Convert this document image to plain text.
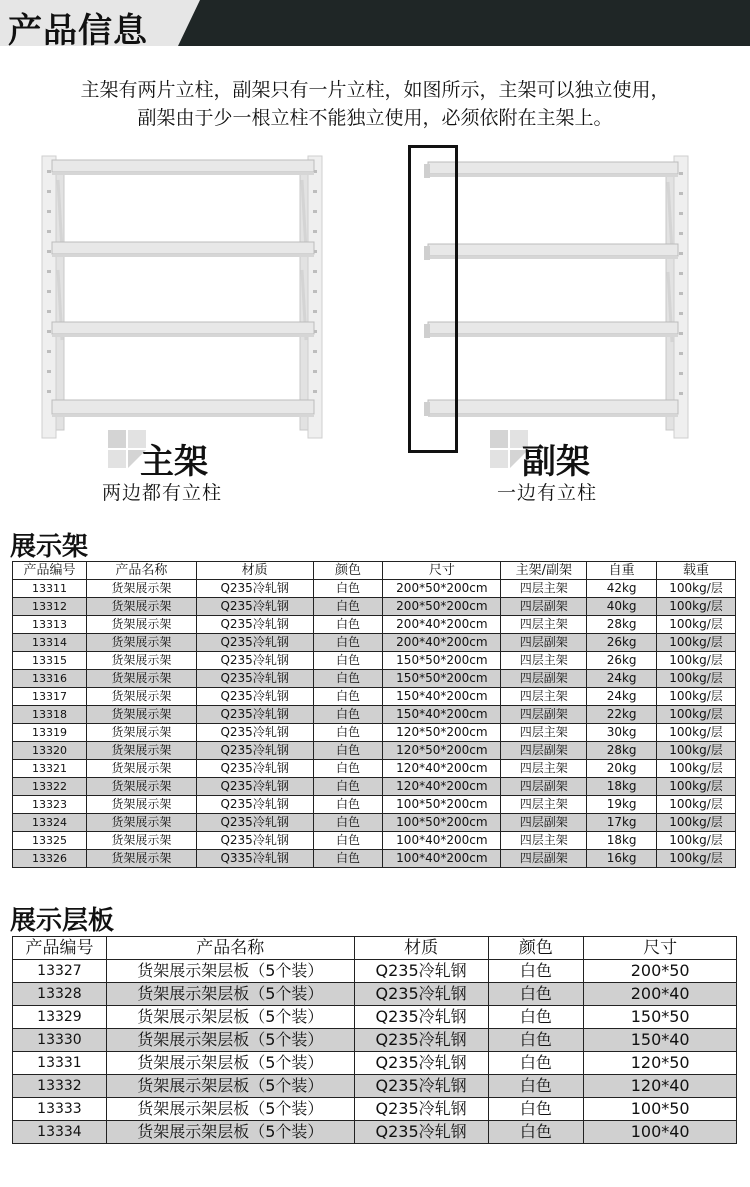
产品信息
主架有两片立柱，副架只有一片立柱，如图所示，主架可以独立使用，
副架由于少一根立柱不能独立使用，必须依附在主架上。
主架
两边都有立柱
副架
一边有立柱
展示架
产品编号	产品名称	材质	颜色	尺寸	主架/副架	自重	载重
13311	货架展示架	Q235冷轧钢	白色	200*50*200cm	四层主架	42kg	100kg/层
13312	货架展示架	Q235冷轧钢	白色	200*50*200cm	四层副架	40kg	100kg/层
13313	货架展示架	Q235冷轧钢	白色	200*40*200cm	四层主架	28kg	100kg/层
13314	货架展示架	Q235冷轧钢	白色	200*40*200cm	四层副架	26kg	100kg/层
13315	货架展示架	Q235冷轧钢	白色	150*50*200cm	四层主架	26kg	100kg/层
13316	货架展示架	Q235冷轧钢	白色	150*50*200cm	四层副架	24kg	100kg/层
13317	货架展示架	Q235冷轧钢	白色	150*40*200cm	四层主架	24kg	100kg/层
13318	货架展示架	Q235冷轧钢	白色	150*40*200cm	四层副架	22kg	100kg/层
13319	货架展示架	Q235冷轧钢	白色	120*50*200cm	四层主架	30kg	100kg/层
13320	货架展示架	Q235冷轧钢	白色	120*50*200cm	四层副架	28kg	100kg/层
13321	货架展示架	Q235冷轧钢	白色	120*40*200cm	四层主架	20kg	100kg/层
13322	货架展示架	Q235冷轧钢	白色	120*40*200cm	四层副架	18kg	100kg/层
13323	货架展示架	Q235冷轧钢	白色	100*50*200cm	四层主架	19kg	100kg/层
13324	货架展示架	Q235冷轧钢	白色	100*50*200cm	四层副架	17kg	100kg/层
13325	货架展示架	Q235冷轧钢	白色	100*40*200cm	四层主架	18kg	100kg/层
13326	货架展示架	Q335冷轧钢	白色	100*40*200cm	四层副架	16kg	100kg/层
展示层板
产品编号	产品名称	材质	颜色	尺寸
13327	货架展示架层板（5个装）	Q235冷轧钢	白色	200*50
13328	货架展示架层板（5个装）	Q235冷轧钢	白色	200*40
13329	货架展示架层板（5个装）	Q235冷轧钢	白色	150*50
13330	货架展示架层板（5个装）	Q235冷轧钢	白色	150*40
13331	货架展示架层板（5个装）	Q235冷轧钢	白色	120*50
13332	货架展示架层板（5个装）	Q235冷轧钢	白色	120*40
13333	货架展示架层板（5个装）	Q235冷轧钢	白色	100*50
13334	货架展示架层板（5个装）	Q235冷轧钢	白色	100*40
